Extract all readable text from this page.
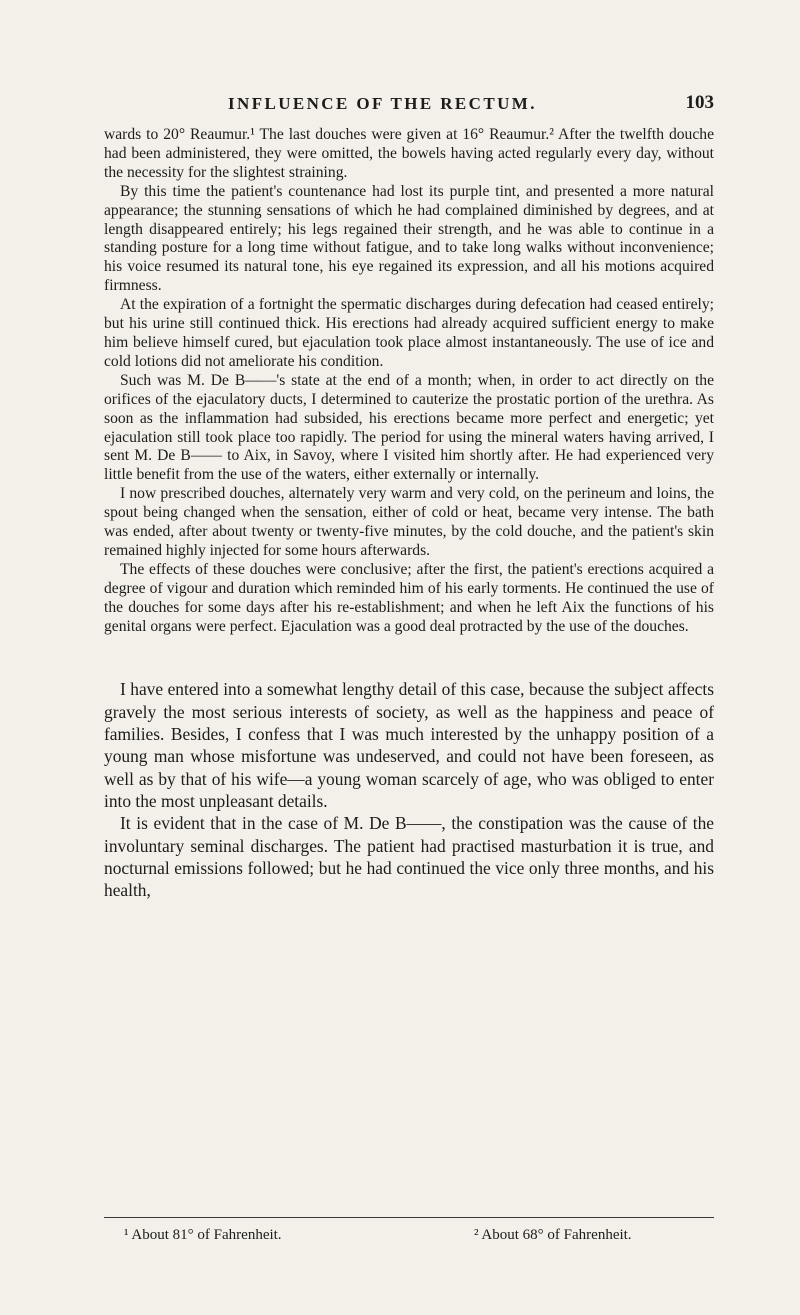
INFLUENCE OF THE RECTUM.	103

wards to 20° Reaumur.¹ The last douches were given at 16° Reaumur.² After the twelfth douche had been administered, they were omitted, the bowels having acted regularly every day, without the necessity for the slightest straining.

By this time the patient's countenance had lost its purple tint, and presented a more natural appearance; the stunning sensations of which he had complained diminished by degrees, and at length disappeared entirely; his legs regained their strength, and he was able to continue in a standing posture for a long time without fatigue, and to take long walks without inconvenience; his voice resumed its natural tone, his eye regained its expression, and all his motions acquired firmness.

At the expiration of a fortnight the spermatic discharges during defecation had ceased entirely; but his urine still continued thick. His erections had already acquired sufficient energy to make him believe himself cured, but ejaculation took place almost instantaneously. The use of ice and cold lotions did not ameliorate his condition.

Such was M. De B——'s state at the end of a month; when, in order to act directly on the orifices of the ejaculatory ducts, I determined to cauterize the prostatic portion of the urethra. As soon as the inflammation had subsided, his erections became more perfect and energetic; yet ejaculation still took place too rapidly. The period for using the mineral waters having arrived, I sent M. De B—— to Aix, in Savoy, where I visited him shortly after. He had experienced very little benefit from the use of the waters, either externally or internally.

I now prescribed douches, alternately very warm and very cold, on the perineum and loins, the spout being changed when the sensation, either of cold or heat, became very intense. The bath was ended, after about twenty or twenty-five minutes, by the cold douche, and the patient's skin remained highly injected for some hours afterwards.

The effects of these douches were conclusive; after the first, the patient's erections acquired a degree of vigour and duration which reminded him of his early torments. He continued the use of the douches for some days after his re-establishment; and when he left Aix the functions of his genital organs were perfect. Ejaculation was a good deal protracted by the use of the douches.

I have entered into a somewhat lengthy detail of this case, because the subject affects gravely the most serious interests of society, as well as the happiness and peace of families. Besides, I confess that I was much interested by the unhappy position of a young man whose misfortune was undeserved, and could not have been foreseen, as well as by that of his wife—a young woman scarcely of age, who was obliged to enter into the most unpleasant details.

It is evident that in the case of M. De B——, the constipation was the cause of the involuntary seminal discharges. The patient had practised masturbation it is true, and nocturnal emissions followed; but he had continued the vice only three months, and his health,

¹ About 81° of Fahrenheit.	² About 68° of Fahrenheit.
